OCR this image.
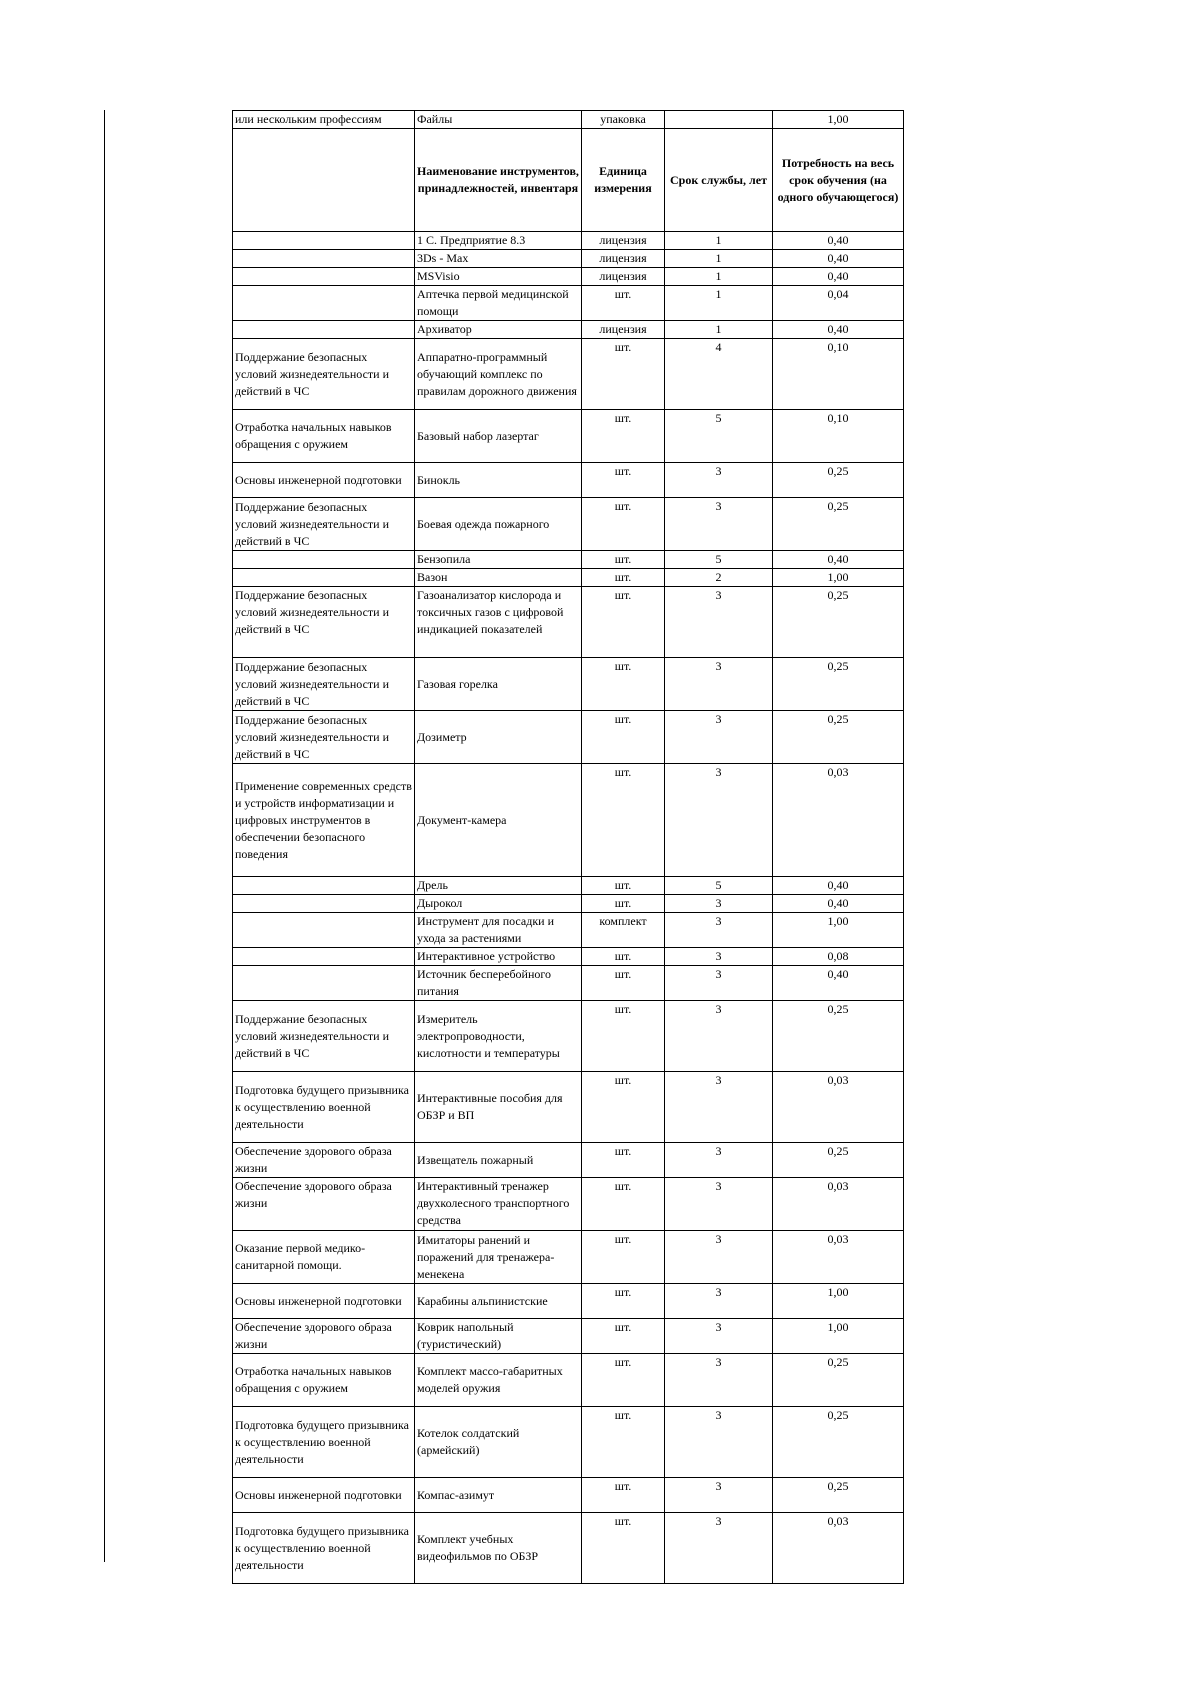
или нескольким профессиям	Файлы	упаковка		1,00
	Наименование инструментов, принадлежностей, инвентаря	Единица измерения	Срок службы, лет	Потребность на весь срок обучения (на одного обучающегося)
	1 С. Предприятие 8.3	лицензия	1	0,40
	3Ds - Max	лицензия	1	0,40
	MSVisio	лицензия	1	0,40
	Аптечка первой медицинской помощи	шт.	1	0,04
	Архиватор	лицензия	1	0,40
Поддержание безопасных условий жизнедеятельности и действий в ЧС	Аппаратно-программный обучающий комплекс по правилам дорожного движения	шт.	4	0,10
Отработка начальных навыков обращения с оружием	Базовый набор лазертаг	шт.	5	0,10
Основы инженерной подготовки	Бинокль	шт.	3	0,25
Поддержание безопасных условий жизнедеятельности и действий в ЧС	Боевая одежда пожарного	шт.	3	0,25
	Бензопила	шт.	5	0,40
	Вазон	шт.	2	1,00
Поддержание безопасных условий жизнедеятельности и действий в ЧС	Газоанализатор кислорода и токсичных газов с цифровой индикацией показателей	шт.	3	0,25
Поддержание безопасных условий жизнедеятельности и действий в ЧС	Газовая горелка	шт.	3	0,25
Поддержание безопасных условий жизнедеятельности и действий в ЧС	Дозиметр	шт.	3	0,25
Применение современных средств и устройств информатизации и цифровых инструментов в обеспечении безопасного поведения	Документ-камера	шт.	3	0,03
	Дрель	шт.	5	0,40
	Дырокол	шт.	3	0,40
	Инструмент для посадки и ухода за растениями	комплект	3	1,00
	Интерактивное устройство	шт.	3	0,08
	Источник бесперебойного питания	шт.	3	0,40
Поддержание безопасных условий жизнедеятельности и действий в ЧС	Измеритель электропроводности, кислотности и температуры	шт.	3	0,25
Подготовка будущего призывника к осуществлению военной деятельности	Интерактивные пособия для ОБЗР и ВП	шт.	3	0,03
Обеспечение здорового образа жизни	Извещатель пожарный	шт.	3	0,25
Обеспечение здорового образа жизни	Интерактивный тренажер двухколесного транспортного средства	шт.	3	0,03
Оказание первой медико-санитарной помощи.	Имитаторы ранений и поражений для тренажера-менекена	шт.	3	0,03
Основы инженерной подготовки	Карабины альпинистские	шт.	3	1,00
Обеспечение здорового образа жизни	Коврик напольный (туристический)	шт.	3	1,00
Отработка начальных навыков обращения с оружием	Комплект массо-габаритных моделей оружия	шт.	3	0,25
Подготовка будущего призывника к осуществлению военной деятельности	Котелок солдатский (армейский)	шт.	3	0,25
Основы инженерной подготовки	Компас-азимут	шт.	3	0,25
Подготовка будущего призывника к осуществлению военной деятельности	Комплект учебных видеофильмов по ОБЗР	шт.	3	0,03
